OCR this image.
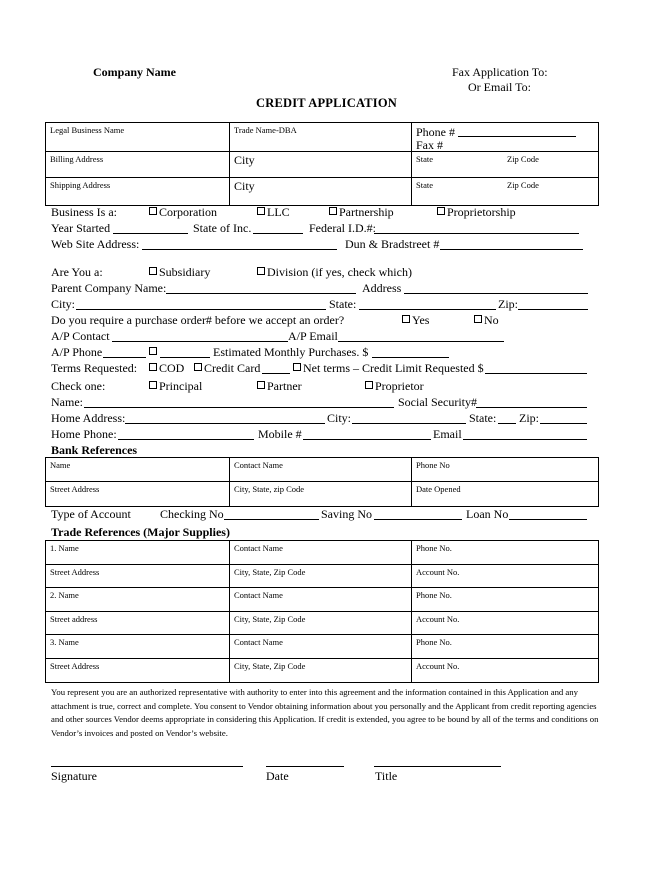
Company Name	Fax Application To:
Or Email To:
CREDIT APPLICATION
Legal Business Name	Trade Name-DBA	Phone #
Fax #

Billing Address	City	State Zip Code

Shipping Address	City	State Zip Code
Business Is a:	Corporation	LLC	Partnership	Proprietorship
Year Started	State of Inc.	Federal I.D.#:
Web Site Address:	Dun & Bradstreet #
Are You a:	Subsidiary	Division (if yes, check which)
Parent Company Name:	Address
City:	State:	Zip:
Do you require a purchase order# before we accept an order?	Yes	No
A/P Contact	A/P Email
A/P Phone	Estimated Monthly Purchases. $
Terms Requested:	COD	Credit Card	Net terms – Credit Limit Requested $
Check one:	Principal	Partner	Proprietor
Name:	Social Security#
Home Address:	City:	State: Zip:
Home Phone:	Mobile #	Email
Bank References
Name	Contact Name	Phone No

Street Address	City, State, zip Code	Date Opened
Type of Account Checking No	Saving No	Loan No
Trade References (Major Supplies)
1. Name	Contact Name	Phone No.

Street Address	City, State, Zip Code	Account No.

2. Name	Contact Name	Phone No.

Street address	City, State, Zip Code	Account No.

3. Name	Contact Name	Phone No.

Street Address	City, State, Zip Code	Account No.
You represent you are an authorized representative with authority to enter into this agreement and the information contained in this Application and any attachment is true, correct and complete. You consent to Vendor obtaining information about you personally and the Applicant from credit reporting agencies and other sources Vendor deems appropriate in considering this Application. If credit is extended, you agree to be bound by all of the terms and conditions on Vendor’s invoices and posted on Vendor’s website.
Signature	Date	Title
